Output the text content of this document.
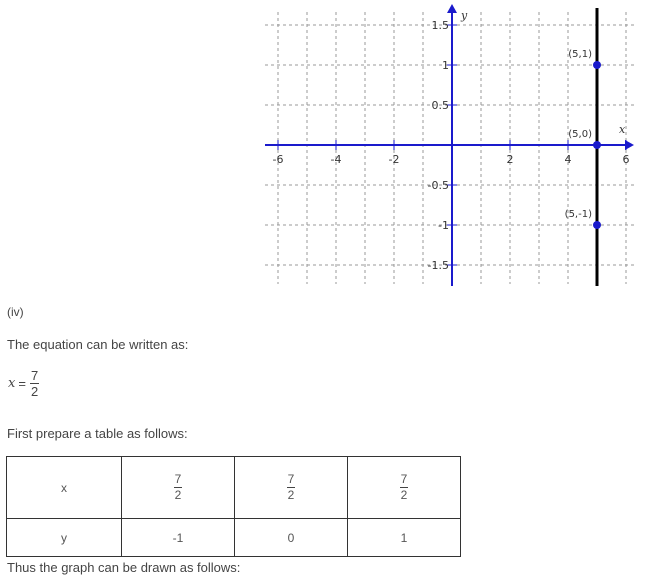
-6	-4	-2	2	4	6
1.5
1
0.5
-0.5
-1
-1.5
(5,1)
(5,0)
(5,-1)
y
x
(iv)
The equation can be written as:
$x = \frac{7}{2}$
First prepare a table as follows:
x	$\frac{7}{2}$	$\frac{7}{2}$	$\frac{7}{2}$

y	-1	0	1
Thus the graph can be drawn as follows:
